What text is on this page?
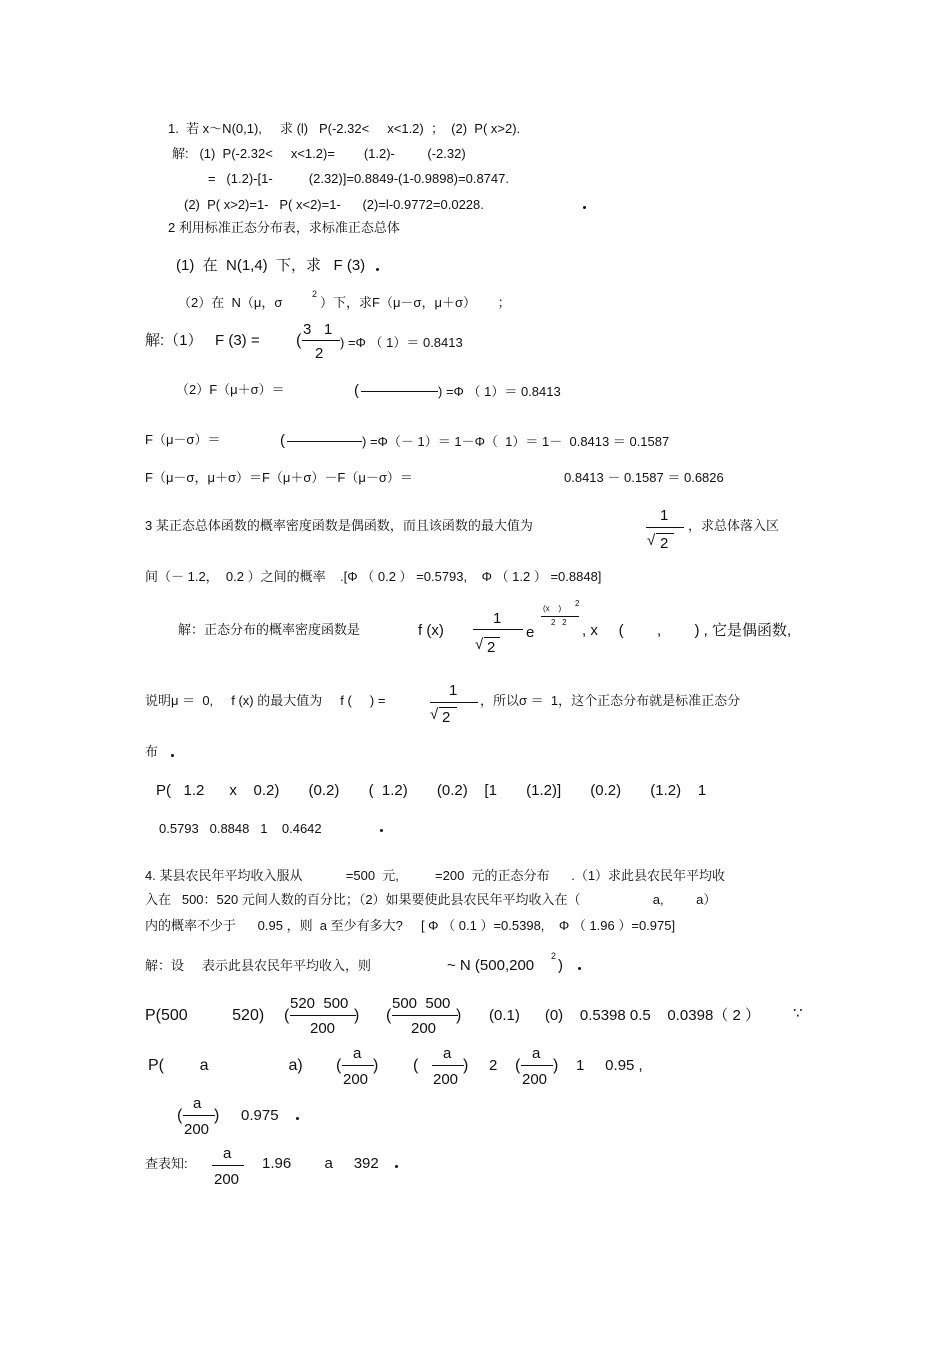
1.  若 x～N(0,1),     求 (l)   P(-2.32<     x<1.2)  ；  (2)  P( x>2).
解:   (1)  P(-2.32<     x<1.2)=        (1.2)-         (-2.32)
=   (1.2)-[1-          (2.32)]=0.8849-(1-0.9898)=0.8747.
(2)  P( x>2)=1-   P( x<2)=1-      (2)=l-0.9772=0.0228.
2 利用标准正态分布表，求标准正态总体
(1)  在  N(1,4)  下，求   F (3)
（2）在  N（μ，σ
2
）下，求F（μ－σ，μ＋σ）      ；
解:（1）   F (3) = (
3   1
2
) =Φ （ 1）＝ 0.8413
（2）F（μ＋σ）＝	(	) =Φ （ 1）＝ 0.8413
F（μ－σ）＝	(	) =Φ（－ 1）＝ 1－Φ（  1）＝ 1－  0.8413 ＝ 0.1587
F（μ－σ，μ＋σ）＝F（μ＋σ）－F（μ－σ）＝	0.8413 － 0.1587 ＝ 0.6826
3 某正态总体函数的概率密度函数是偶函数，而且该函数的最大值为
1
√ 2
，求总体落入区
间（－ 1.2，  0.2 ）之间的概率    .[Φ （ 0.2 ） =0.5793,    Φ （ 1.2 ） =0.8848]
解：正态分布的概率密度函数是	f (x)
1
√ 2
e
(x    )
2
2   2 , x     (        ,        ) , 它是偶函数,
说明μ ＝  0,     f (x) 的最大值为     f (     ) =
1
√ 2
，所以σ ＝  1，这个正态分布就是标准正态分
布
P(   1.2      x    0.2)       (0.2)       (  1.2)       (0.2)    [1       (1.2)]       (0.2)       (1.2)    1
0.5793   0.8848   1    0.4642
4. 某县农民年平均收入服从            =500  元,          =200  元的正态分布      .（1）求此县农民年平均收
入在   500：520 元间人数的百分比；（2）如果要使此县农民年平均收入在（                    a,         a）
内的概率不少于      0.95 ，则  a 至少有多大?     [ Φ （ 0.1 ）=0.5398,    Φ （ 1.96 ）=0.975]
解：设     表示此县农民年平均收入，则	~ N (500,200
2
)
P(500          520) (
520  500
200
) (
500  500
200
) (0.1)      (0)    0.5398 0.5    0.0398（ 2 ） ∵
P(        a                  a) (
a
200
) (
a
200
) 2 (
a
200
) 1     0.95 ,
(
a
200
) 0.975
查表知:
a
200
1.96        a     392
